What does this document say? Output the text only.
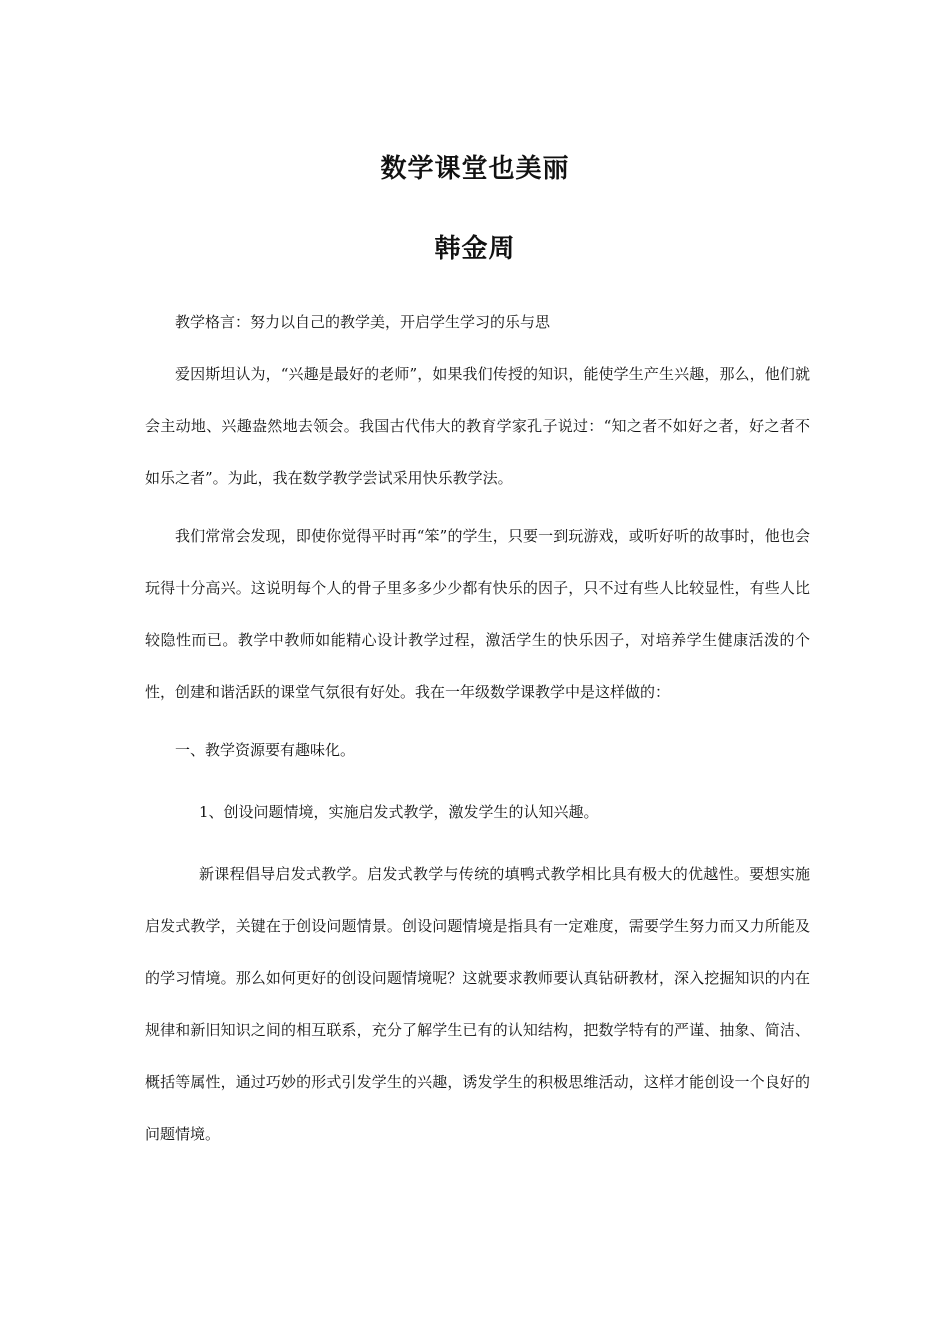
数学课堂也美丽
韩金周

教学格言：努力以自己的教学美，开启学生学习的乐与思

爱因斯坦认为，“兴趣是最好的老师”，如果我们传授的知识，能使学生产生兴趣，那么，他们就会主动地、兴趣盎然地去领会。我国古代伟大的教育学家孔子说过：“知之者不如好之者，好之者不如乐之者”。为此，我在数学教学尝试采用快乐教学法。

我们常常会发现，即使你觉得平时再“笨”的学生，只要一到玩游戏，或听好听的故事时，他也会玩得十分高兴。这说明每个人的骨子里多多少少都有快乐的因子，只不过有些人比较显性，有些人比较隐性而已。教学中教师如能精心设计教学过程，激活学生的快乐因子，对培养学生健康活泼的个性，创建和谐活跃的课堂气氛很有好处。我在一年级数学课教学中是这样做的：

一、教学资源要有趣味化。

1、创设问题情境，实施启发式教学，激发学生的认知兴趣。

新课程倡导启发式教学。启发式教学与传统的填鸭式教学相比具有极大的优越性。要想实施启发式教学，关键在于创设问题情景。创设问题情境是指具有一定难度，需要学生努力而又力所能及的学习情境。那么如何更好的创设问题情境呢？这就要求教师要认真钻研教材，深入挖掘知识的内在规律和新旧知识之间的相互联系，充分了解学生已有的认知结构，把数学特有的严谨、抽象、简洁、概括等属性，通过巧妙的形式引发学生的兴趣，诱发学生的积极思维活动，这样才能创设一个良好的问题情境。
